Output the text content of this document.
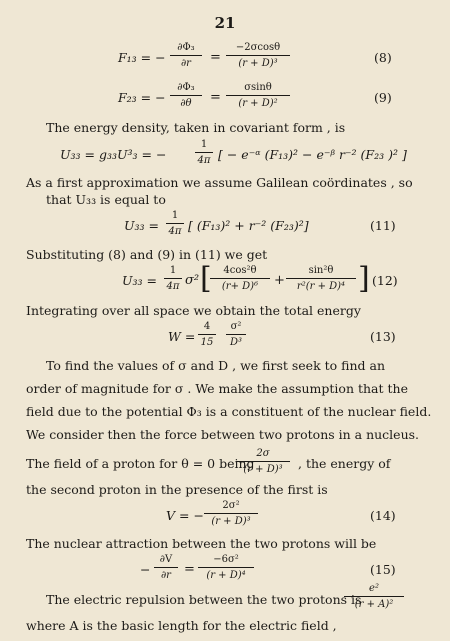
21
F₁₃ = − $\frac{\text{∂Φ₃}}{\partial r} = \frac{-2\sigma\cos\theta}{\text{(r + D)³}}$	(8)
F₂₃ = − $\frac{\text{∂Φ₃}}{\partial\theta} = \frac{\sigma\sin\theta}{\text{(r + D)²}}$	(9)
The energy density, taken in covariant form , is
U₃₃ = g₃₃U³₃ = −	$\frac{1}{4\pi}$ [ − e⁻ᵅ (F₁₃)² − e⁻ᵝ r⁻² (F₂₃ )² ]
As a first approximation we assume Galilean coördinates , so
that U₃₃ is equal to
$U_{33} = \frac{1}{4\pi}$ [ (F₁₃)² + r⁻² (F₂₃)²]	(11)
Substituting (8) and (9) in (11) we get
$U_{33} = \frac{1}{4\pi} \sigma^2$ [
$\frac{\text{4cos²θ}}{\text{(r+ D)⁶}} + \frac{\text{sin²θ}}{\text{r²(r + D)⁴}}$ ] (12)
Integrating over all space we obtain the total energy
$W = \frac{4}{15} \frac{\text{σ²}}{\text{D³}}$	(13)
To find the values of σ and D , we first seek to find an
order of magnitude for σ . We make the assumption that the
field due to the potential Φ₃ is a constituent of the nuclear field.
We consider then the force between two protons in a nucleus.
The field of a proton for θ = 0 being
$\frac{2\sigma}{\text{(r + D)³}}$ , the energy of
the second proton in the presence of the first is
V = − $\frac{\text{2σ²}}{\text{(r + D)³}}$	(14)
The nuclear attraction between the two protons will be
− $\frac{\partial V}{\partial r} = \frac{\text{−6σ²}}{\text{(r + D)⁴}}$	(15)
The electric repulsion between the two protons is
$\frac{\text{e²}}{\text{(r + A)²}}$
where A is the basic length for the electric field ,
